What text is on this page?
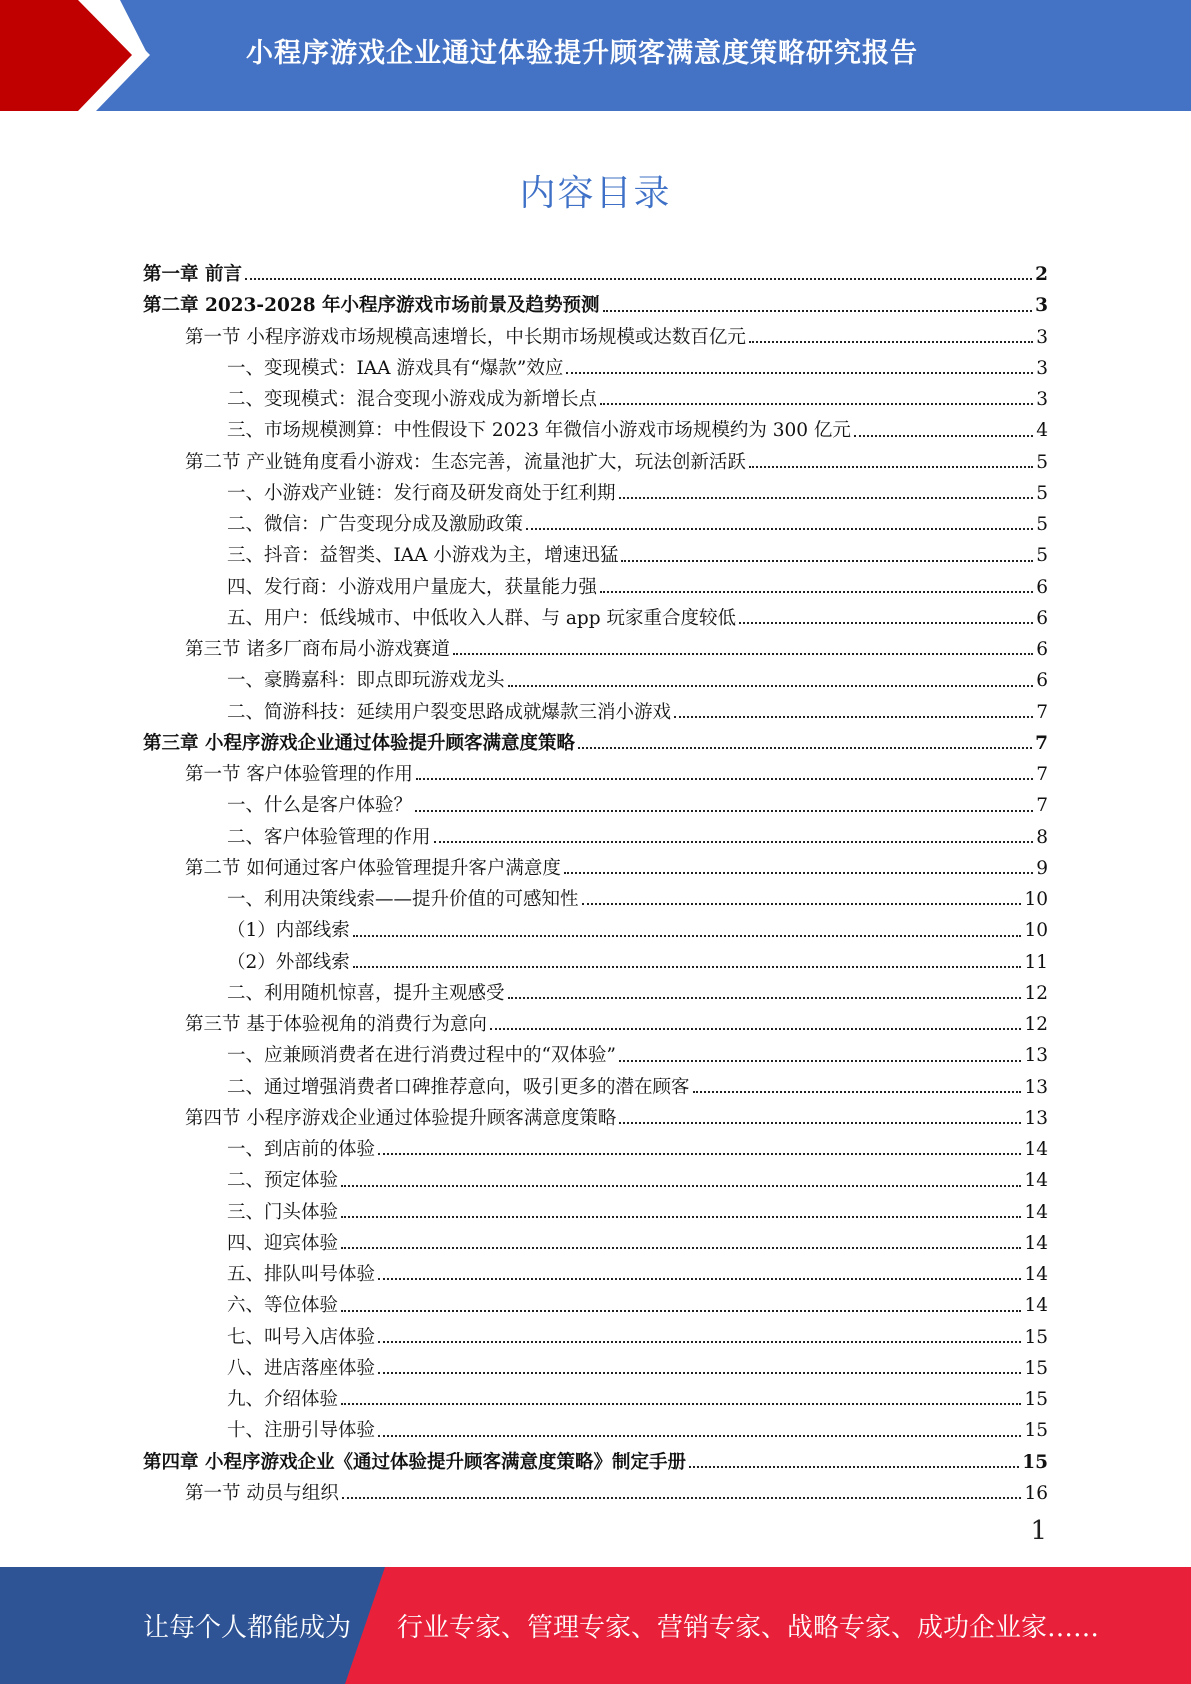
小程序游戏企业通过体验提升顾客满意度策略研究报告
内容目录
第一章 前言	2
第二章 2023-2028 年小程序游戏市场前景及趋势预测	3
第一节 小程序游戏市场规模高速增长，中长期市场规模或达数百亿元	3
一、变现模式：IAA 游戏具有“爆款”效应	3
二、变现模式：混合变现小游戏成为新增长点	3
三、市场规模测算：中性假设下 2023 年微信小游戏市场规模约为 300 亿元	4
第二节 产业链角度看小游戏：生态完善，流量池扩大，玩法创新活跃	5
一、小游戏产业链：发行商及研发商处于红利期	5
二、微信：广告变现分成及激励政策	5
三、抖音：益智类、IAA 小游戏为主，增速迅猛	5
四、发行商：小游戏用户量庞大，获量能力强	6
五、用户：低线城市、中低收入人群、与 app 玩家重合度较低	6
第三节 诸多厂商布局小游戏赛道	6
一、豪腾嘉科：即点即玩游戏龙头	6
二、简游科技：延续用户裂变思路成就爆款三消小游戏	7
第三章 小程序游戏企业通过体验提升顾客满意度策略	7
第一节 客户体验管理的作用	7
一、什么是客户体验？	7
二、客户体验管理的作用	8
第二节 如何通过客户体验管理提升客户满意度	9
一、利用决策线索——提升价值的可感知性	10
（1）内部线索	10
（2）外部线索	11
二、利用随机惊喜，提升主观感受	12
第三节 基于体验视角的消费行为意向	12
一、应兼顾消费者在进行消费过程中的“双体验”	13
二、通过增强消费者口碑推荐意向，吸引更多的潜在顾客	13
第四节 小程序游戏企业通过体验提升顾客满意度策略	13
一、到店前的体验	14
二、预定体验	14
三、门头体验	14
四、迎宾体验	14
五、排队叫号体验	14
六、等位体验	14
七、叫号入店体验	15
八、进店落座体验	15
九、介绍体验	15
十、注册引导体验	15
第四章 小程序游戏企业《通过体验提升顾客满意度策略》制定手册	15
第一节 动员与组织	16
1
让每个人都能成为 行业专家、管理专家、营销专家、战略专家、成功企业家……
